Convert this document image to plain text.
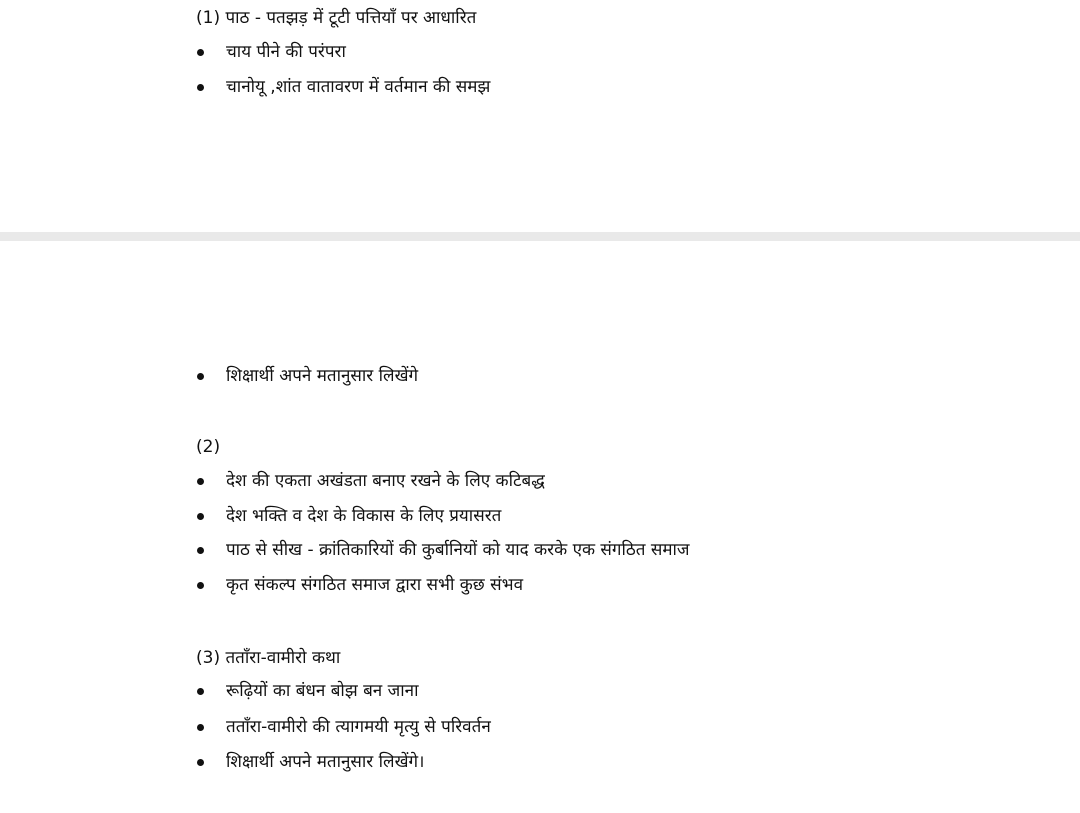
(1) पाठ - पतझड़ में टूटी पत्तियाँ पर आधारित
चाय पीने की परंपरा
चानोयू ,शांत वातावरण में वर्तमान की समझ
शिक्षार्थी अपने मतानुसार लिखेंगे
(2)
देश की एकता अखंडता बनाए रखने के लिए कटिबद्ध
देश भक्ति व देश के विकास के लिए प्रयासरत
पाठ से सीख - क्रांतिकारियों की कुर्बानियों को याद करके एक संगठित समाज
कृत संकल्प संगठित समाज द्वारा सभी कुछ संभव
(3) तताँरा-वामीरो कथा
रूढ़ियों का बंधन बोझ बन जाना
तताँरा-वामीरो की त्यागमयी मृत्यु से परिवर्तन
शिक्षार्थी अपने मतानुसार लिखेंगे।
